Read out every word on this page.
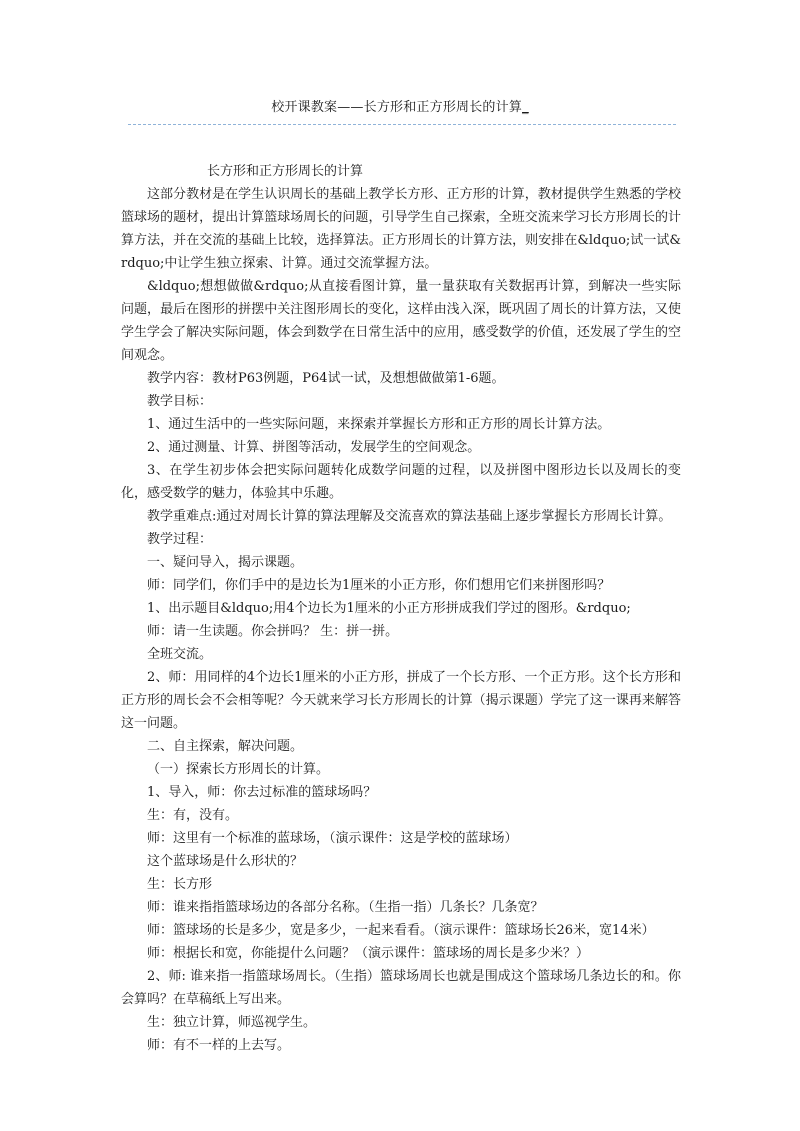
校开课教案——长方形和正方形周长的计算_

长方形和正方形周长的计算

这部分教材是在学生认识周长的基础上教学长方形、正方形的计算，教材提供学生熟悉的学校篮球场的题材，提出计算篮球场周长的问题，引导学生自己探索，全班交流来学习长方形周长的计算方法，并在交流的基础上比较，选择算法。正方形周长的计算方法，则安排在&ldquo;试一试&rdquo;中让学生独立探索、计算。通过交流掌握方法。

&ldquo;想想做做&rdquo;从直接看图计算，量一量获取有关数据再计算，到解决一些实际问题，最后在图形的拼摆中关注图形周长的变化，这样由浅入深，既巩固了周长的计算方法，又使学生学会了解决实际问题，体会到数学在日常生活中的应用，感受数学的价值，还发展了学生的空间观念。

教学内容：教材P63例题，P64试一试，及想想做做第1-6题。

教学目标：

1、通过生活中的一些实际问题，来探索并掌握长方形和正方形的周长计算方法。

2、通过测量、计算、拼图等活动，发展学生的空间观念。

3、在学生初步体会把实际问题转化成数学问题的过程，以及拼图中图形边长以及周长的变化，感受数学的魅力，体验其中乐趣。

教学重难点:通过对周长计算的算法理解及交流喜欢的算法基础上逐步掌握长方形周长计算。

教学过程：

一、疑问导入，揭示课题。

师：同学们，你们手中的是边长为1厘米的小正方形，你们想用它们来拼图形吗？

1、出示题目&ldquo;用4个边长为1厘米的小正方形拼成我们学过的图形。&rdquo;

师：请一生读题。你会拼吗？ 生：拼一拼。

全班交流。

2、师：用同样的4个边长1厘米的小正方形，拼成了一个长方形、一个正方形。这个长方形和正方形的周长会不会相等呢？今天就来学习长方形周长的计算（揭示课题）学完了这一课再来解答这一问题。

二、自主探索，解决问题。

（一）探索长方形周长的计算。

1、导入，师：你去过标准的篮球场吗？

生：有，没有。

师：这里有一个标准的蓝球场，（演示课件：这是学校的蓝球场）

这个蓝球场是什么形状的？

生：长方形

师：谁来指指篮球场边的各部分名称。（生指一指）几条长？几条宽？

师：篮球场的长是多少，宽是多少，一起来看看。（演示课件：篮球场长26米，宽14米）

师：根据长和宽，你能提什么问题？（演示课件：篮球场的周长是多少米？）

2、师: 谁来指一指篮球场周长。（生指）篮球场周长也就是围成这个篮球场几条边长的和。你会算吗？在草稿纸上写出来。

生：独立计算，师巡视学生。

师：有不一样的上去写。
